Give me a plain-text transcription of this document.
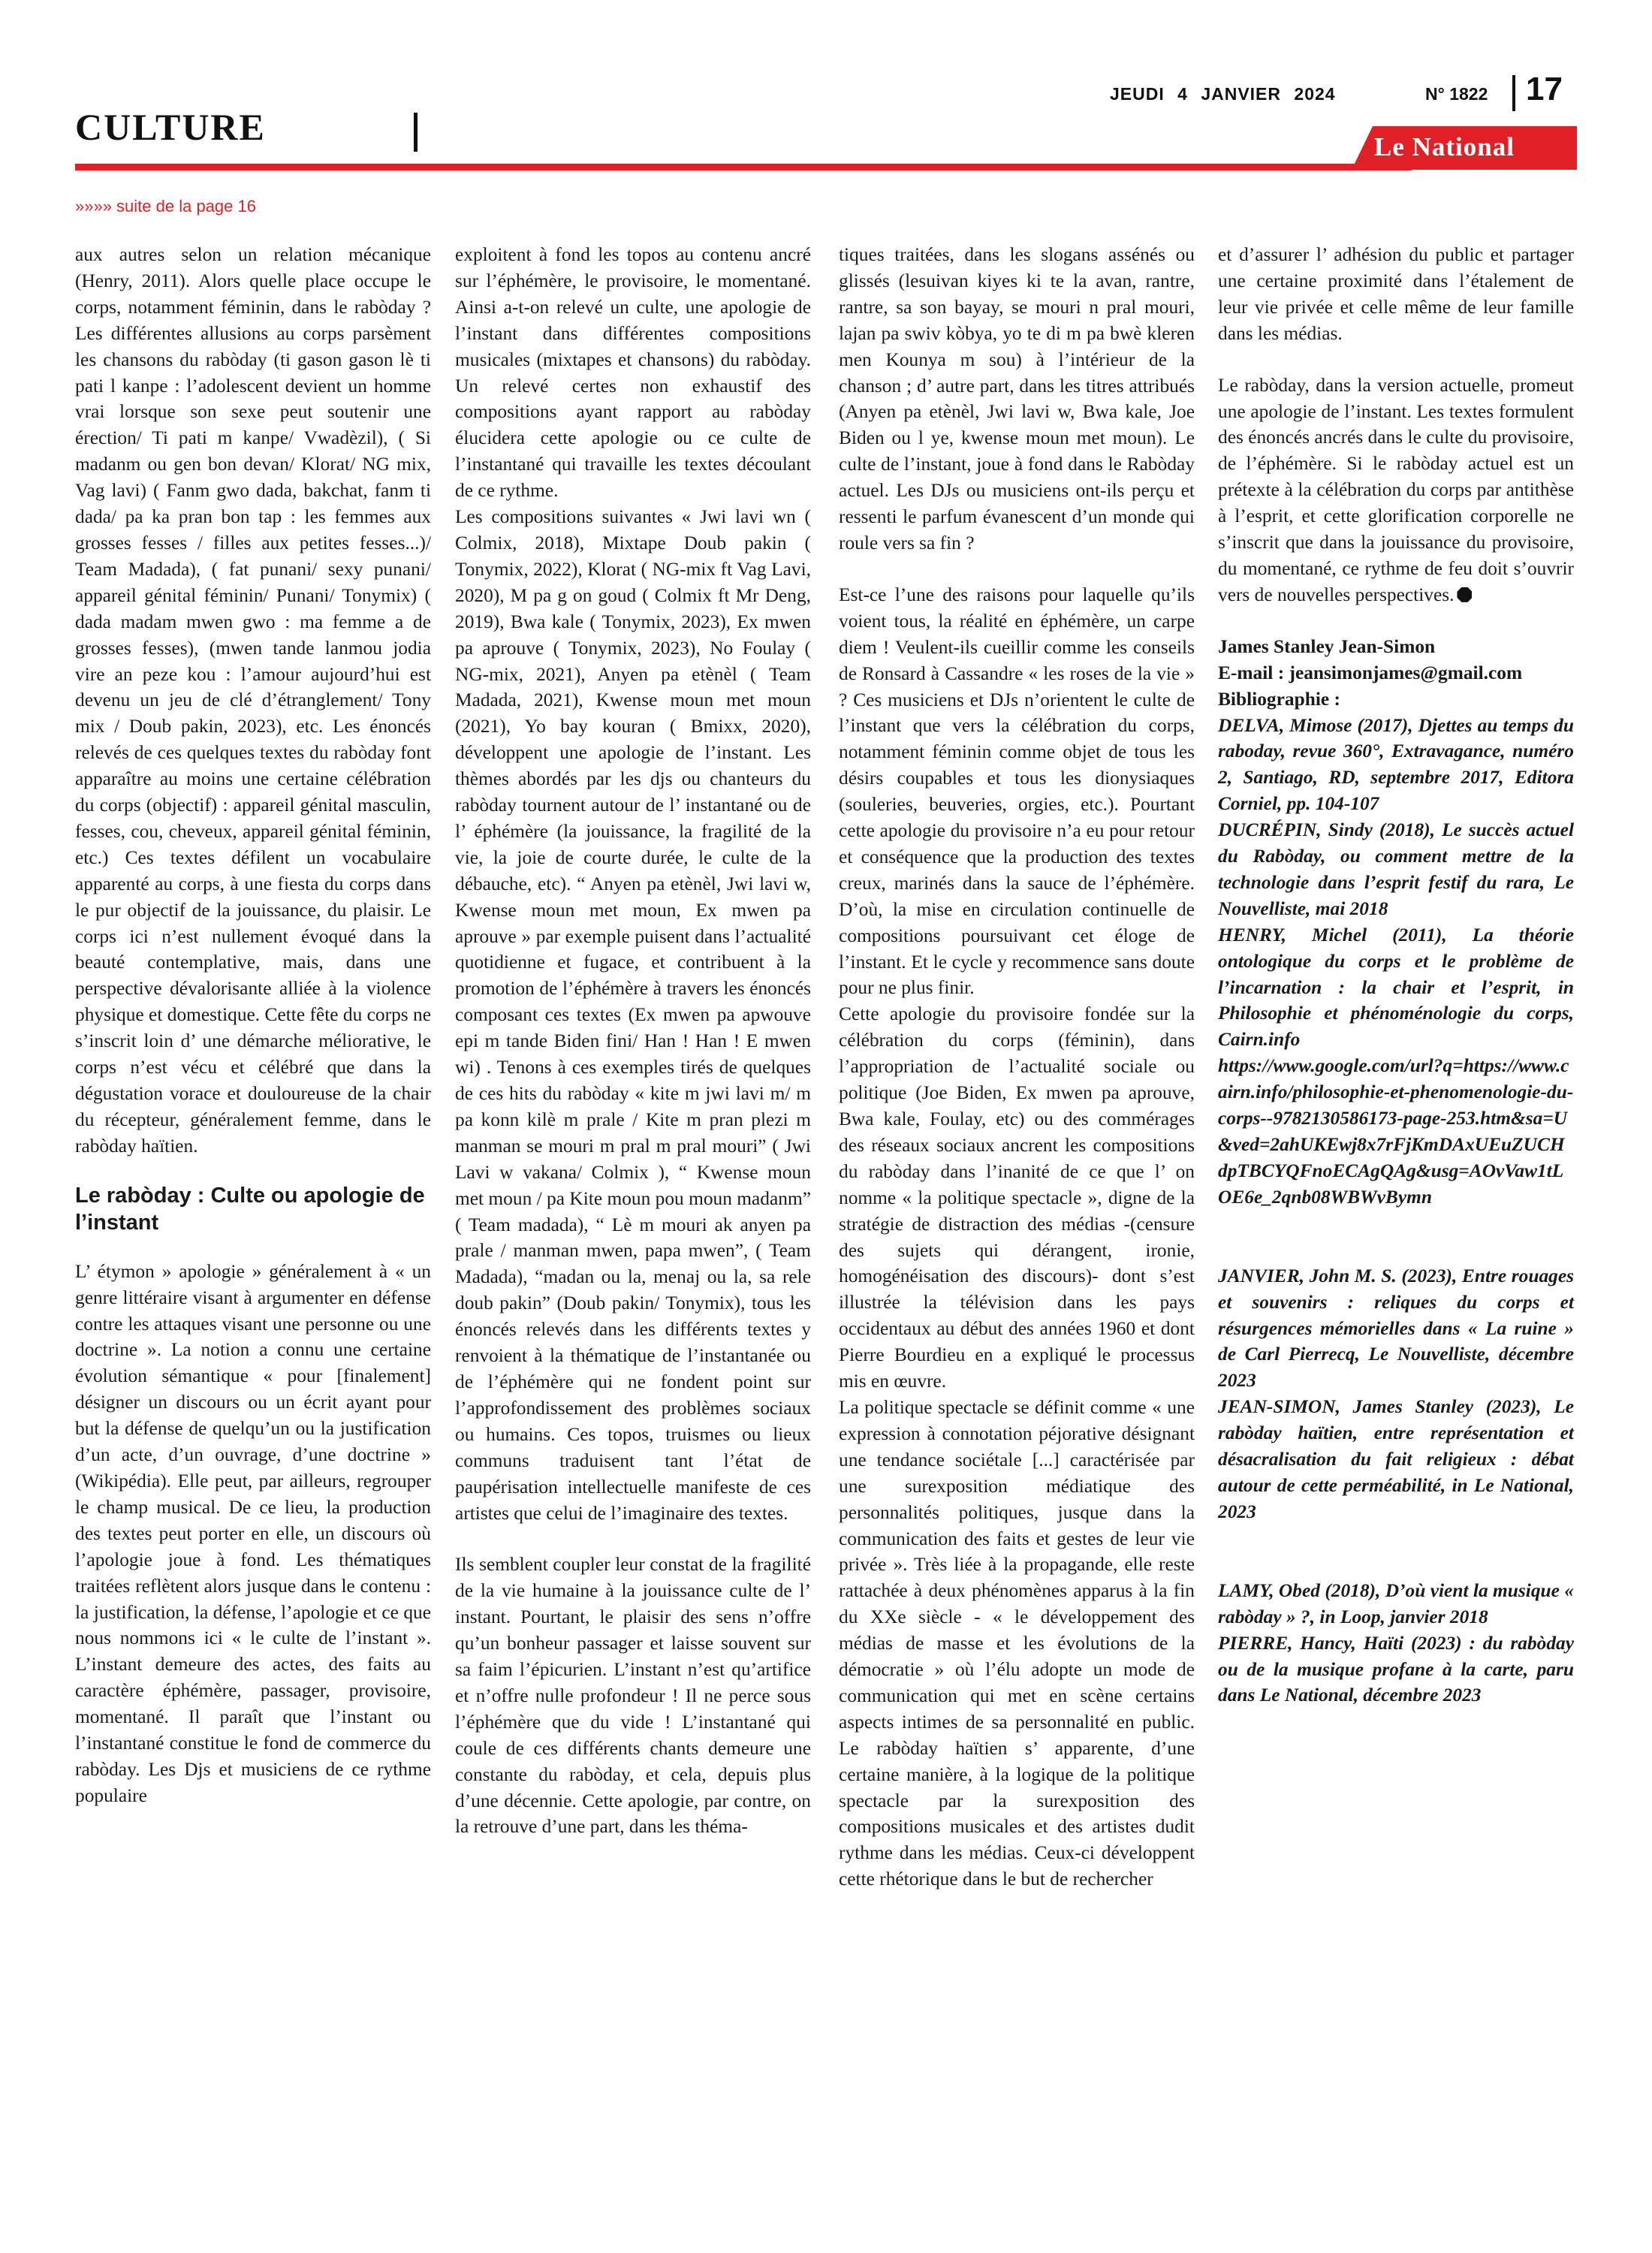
CULTURE
JEUDI 4 JANVIER 2024	N° 1822 17
Le National
»»»» suite de la page 16

aux autres selon un relation mécanique (Henry, 2011). Alors quelle place occupe le corps, notamment féminin, dans le rabòday ? Les différentes allusions au corps parsèment les chansons du rabòday (ti gason gason lè ti pati l kanpe : l’adolescent devient un homme vrai lorsque son sexe peut soutenir une érection/ Ti pati m kanpe/ Vwadèzil), ( Si madanm ou gen bon devan/ Klorat/ NG mix, Vag lavi) ( Fanm gwo dada, bakchat, fanm ti dada/ pa ka pran bon tap : les femmes aux grosses fesses / filles aux petites fesses...)/ Team Madada), ( fat punani/ sexy punani/ appareil génital féminin/ Punani/ Tonymix) ( dada madam mwen gwo : ma femme a de grosses fesses), (mwen tande lanmou jodia vire an peze kou : l’amour aujourd’hui est devenu un jeu de clé d’étranglement/ Tony mix / Doub pakin, 2023), etc. Les énoncés relevés de ces quelques textes du rabòday font apparaître au moins une certaine célébration du corps (objectif) : appareil génital masculin, fesses, cou, cheveux, appareil génital féminin, etc.) Ces textes défilent un vocabulaire apparenté au corps, à une fiesta du corps dans le pur objectif de la jouissance, du plaisir. Le corps ici n’est nullement évoqué dans la beauté contemplative, mais, dans une perspective dévalorisante alliée à la violence physique et domestique. Cette fête du corps ne s’inscrit loin d’ une démarche méliorative, le corps n’est vécu et célébré que dans la dégustation vorace et douloureuse de la chair du récepteur, généralement femme, dans le rabòday haïtien.

Le rabòday : Culte ou apologie de l’instant

L’ étymon » apologie » généralement à « un genre littéraire visant à argumenter en défense contre les attaques visant une personne ou une doctrine ». La notion a connu une certaine évolution sémantique « pour [finalement] désigner un discours ou un écrit ayant pour but la défense de quelqu’un ou la justification d’un acte, d’un ouvrage, d’une doctrine » (Wikipédia). Elle peut, par ailleurs, regrouper le champ musical. De ce lieu, la production des textes peut porter en elle, un discours où l’apologie joue à fond. Les thématiques traitées reflètent alors jusque dans le contenu : la justification, la défense, l’apologie et ce que nous nommons ici « le culte de l’instant ». L’instant demeure des actes, des faits au caractère éphémère, passager, provisoire, momentané. Il paraît que l’instant ou l’instantané constitue le fond de commerce du rabòday. Les Djs et musiciens de ce rythme populaire

exploitent à fond les topos au contenu ancré sur l’éphémère, le provisoire, le momentané. Ainsi a-t-on relevé un culte, une apologie de l’instant dans différentes compositions musicales (mixtapes et chansons) du rabòday. Un relevé certes non exhaustif des compositions ayant rapport au rabòday élucidera cette apologie ou ce culte de l’instantané qui travaille les textes découlant de ce rythme.

Les compositions suivantes « Jwi lavi wn ( Colmix, 2018), Mixtape Doub pakin ( Tonymix, 2022), Klorat ( NG-mix ft Vag Lavi, 2020), M pa g on goud ( Colmix ft Mr Deng, 2019), Bwa kale ( Tonymix, 2023), Ex mwen pa aprouve ( Tonymix, 2023), No Foulay ( NG-mix, 2021), Anyen pa etènèl ( Team Madada, 2021), Kwense moun met moun (2021), Yo bay kouran ( Bmixx, 2020), développent une apologie de l’instant. Les thèmes abordés par les djs ou chanteurs du rabòday tournent autour de l’ instantané ou de l’ éphémère (la jouissance, la fragilité de la vie, la joie de courte durée, le culte de la débauche, etc). “ Anyen pa etènèl, Jwi lavi w, Kwense moun met moun, Ex mwen pa aprouve » par exemple puisent dans l’actualité quotidienne et fugace, et contribuent à la promotion de l’éphémère à travers les énoncés composant ces textes (Ex mwen pa apwouve epi m tande Biden fini/ Han ! Han ! E mwen wi) . Tenons à ces exemples tirés de quelques de ces hits du rabòday « kite m jwi lavi m/ m pa konn kilè m prale / Kite m pran plezi m manman se mouri m pral m pral mouri” ( Jwi Lavi w vakana/ Colmix ), “ Kwense moun met moun / pa Kite moun pou moun madanm” ( Team madada), “ Lè m mouri ak anyen pa prale / manman mwen, papa mwen”, ( Team Madada), “madan ou la, menaj ou la, sa rele doub pakin” (Doub pakin/ Tonymix), tous les énoncés relevés dans les différents textes y renvoient à la thématique de l’instantanée ou de l’éphémère qui ne fondent point sur l’approfondissement des problèmes sociaux ou humains. Ces topos, truismes ou lieux communs traduisent tant l’état de paupérisation intellectuelle manifeste de ces artistes que celui de l’imaginaire des textes.

Ils semblent coupler leur constat de la fragilité de la vie humaine à la jouissance culte de l’ instant. Pourtant, le plaisir des sens n’offre qu’un bonheur passager et laisse souvent sur sa faim l’épicurien. L’instant n’est qu’artifice et n’offre nulle profondeur ! Il ne perce sous l’éphémère que du vide ! L’instantané qui coule de ces différents chants demeure une constante du rabòday, et cela, depuis plus d’une décennie. Cette apologie, par contre, on la retrouve d’une part, dans les théma-

tiques traitées, dans les slogans assénés ou glissés (lesuivan kiyes ki te la avan, rantre, rantre, sa son bayay, se mouri n pral mouri, lajan pa swiv kòbya, yo te di m pa bwè kleren men Kounya m sou) à l’intérieur de la chanson ; d’ autre part, dans les titres attribués (Anyen pa etènèl, Jwi lavi w, Bwa kale, Joe Biden ou l ye, kwense moun met moun). Le culte de l’instant, joue à fond dans le Rabòday actuel. Les DJs ou musiciens ont-ils perçu et ressenti le parfum évanescent d’un monde qui roule vers sa fin ?

Est-ce l’une des raisons pour laquelle qu’ils voient tous, la réalité en éphémère, un carpe diem ! Veulent-ils cueillir comme les conseils de Ronsard à Cassandre « les roses de la vie » ? Ces musiciens et DJs n’orientent le culte de l’instant que vers la célébration du corps, notamment féminin comme objet de tous les désirs coupables et tous les dionysiaques (souleries, beuveries, orgies, etc.). Pourtant cette apologie du provisoire n’a eu pour retour et conséquence que la production des textes creux, marinés dans la sauce de l’éphémère. D’où, la mise en circulation continuelle de compositions poursuivant cet éloge de l’instant. Et le cycle y recommence sans doute pour ne plus finir.

Cette apologie du provisoire fondée sur la célébration du corps (féminin), dans l’appropriation de l’actualité sociale ou politique (Joe Biden, Ex mwen pa aprouve, Bwa kale, Foulay, etc) ou des commérages des réseaux sociaux ancrent les compositions du rabòday dans l’inanité de ce que l’ on nomme « la politique spectacle », digne de la stratégie de distraction des médias -(censure des sujets qui dérangent, ironie, homogénéisation des discours)- dont s’est illustrée la télévision dans les pays occidentaux au début des années 1960 et dont Pierre Bourdieu en a expliqué le processus mis en œuvre.

La politique spectacle se définit comme « une expression à connotation péjorative désignant une tendance sociétale [...] caractérisée par une surexposition médiatique des personnalités politiques, jusque dans la communication des faits et gestes de leur vie privée ». Très liée à la propagande, elle reste rattachée à deux phénomènes apparus à la fin du XXe siècle - « le développement des médias de masse et les évolutions de la démocratie » où l’élu adopte un mode de communication qui met en scène certains aspects intimes de sa personnalité en public. Le rabòday haïtien s’ apparente, d’une certaine manière, à la logique de la politique spectacle par la surexposition des compositions musicales et des artistes dudit rythme dans les médias. Ceux-ci développent cette rhétorique dans le but de rechercher

et d’assurer l’ adhésion du public et partager une certaine proximité dans l’étalement de leur vie privée et celle même de leur famille dans les médias.

Le rabòday, dans la version actuelle, promeut une apologie de l’instant. Les textes formulent des énoncés ancrés dans le culte du provisoire, de l’éphémère. Si le rabòday actuel est un prétexte à la célébration du corps par antithèse à l’esprit, et cette glorification corporelle ne s’inscrit que dans la jouissance du provisoire, du momentané, ce rythme de feu doit s’ouvrir vers de nouvelles perspectives.

James Stanley Jean-Simon

E-mail : jeansimonjames@gmail.com

Bibliographie :

DELVA, Mimose (2017), Djettes au temps du raboday, revue 360°, Extravagance, numéro 2, Santiago, RD, septembre 2017, Editora Corniel, pp. 104-107

DUCRÉPIN, Sindy (2018), Le succès actuel du Rabòday, ou comment mettre de la technologie dans l’esprit festif du rara, Le Nouvelliste, mai 2018

HENRY, Michel (2011), La théorie ontologique du corps et le problème de l’incarnation : la chair et l’esprit, in Philosophie et phénoménologie du corps, Cairn.info
https://www.google.com/url?q=https://www.cairn.info/philosophie-et-phenomenologie-du-corps--9782130586173-page-253.htm&sa=U&ved=2ahUKEwj8x7rFjKmDAxUEuZUCHdpTBCYQFnoECAgQAg&usg=AOvVaw1tLOE6e_2qnb08WBWvBymn

JANVIER, John M. S. (2023), Entre rouages et souvenirs : reliques du corps et résurgences mémorielles dans « La ruine » de Carl Pierrecq, Le Nouvelliste, décembre 2023

JEAN-SIMON, James Stanley (2023), Le rabòday haïtien, entre représentation et désacralisation du fait religieux : débat autour de cette perméabilité, in Le National, 2023

LAMY, Obed (2018), D’où vient la musique « rabòday » ?, in Loop, janvier 2018

PIERRE, Hancy, Haïti (2023) : du rabòday ou de la musique profane à la carte, paru dans Le National, décembre 2023
